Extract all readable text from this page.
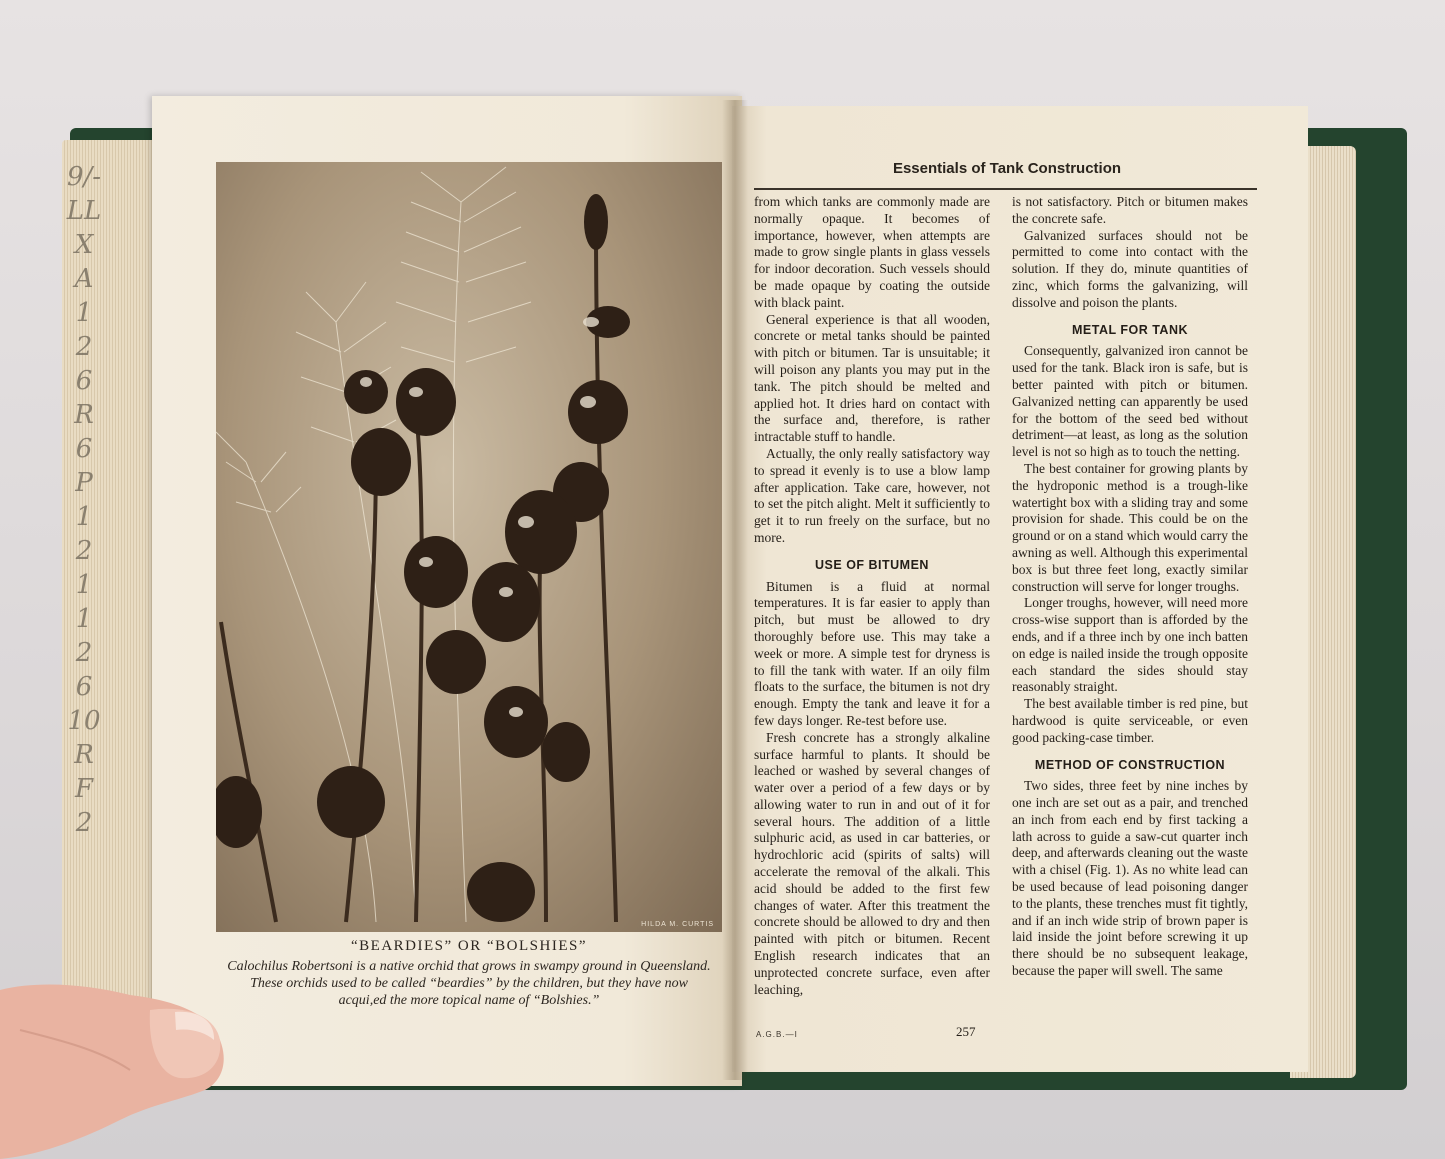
9/-
LL
X
A
1
2
6
R
6
P
1
2
1
1
2
6
10
R
F
2
HILDA M. CURTIS
“BEARDIES” OR “BOLSHIES”
Calochilus Robertsoni is a native orchid that grows in swampy ground in Queensland.
These orchids used to be called “beardies” by the children, but they have now
acqui,ed the more topical name of “Bolshies.”
Essentials of Tank Construction

from which tanks are commonly made are normally opaque. It becomes of importance, however, when attempts are made to grow single plants in glass vessels for indoor decoration. Such vessels should be made opaque by coating the outside with black paint.

General experience is that all wooden, concrete or metal tanks should be painted with pitch or bitumen. Tar is unsuitable; it will poison any plants you may put in the tank. The pitch should be melted and applied hot. It dries hard on contact with the surface and, therefore, is rather intractable stuff to handle.

Actually, the only really satisfactory way to spread it evenly is to use a blow lamp after application. Take care, however, not to set the pitch alight. Melt it sufficiently to get it to run freely on the surface, but no more.

USE OF BITUMEN

Bitumen is a fluid at normal temperatures. It is far easier to apply than pitch, but must be allowed to dry thoroughly before use. This may take a week or more. A simple test for dryness is to fill the tank with water. If an oily film floats to the surface, the bitumen is not dry enough. Empty the tank and leave it for a few days longer. Re-test before use.

Fresh concrete has a strongly alkaline surface harmful to plants. It should be leached or washed by several changes of water over a period of a few days or by allowing water to run in and out of it for several hours. The addition of a little sulphuric acid, as used in car batteries, or hydrochloric acid (spirits of salts) will accelerate the removal of the alkali. This acid should be added to the first few changes of water. After this treatment the concrete should be allowed to dry and then painted with pitch or bitumen. Recent English research indicates that an unprotected concrete surface, even after leaching,

is not satisfactory. Pitch or bitumen makes the concrete safe.

Galvanized surfaces should not be permitted to come into contact with the solution. If they do, minute quantities of zinc, which forms the galvanizing, will dissolve and poison the plants.

METAL FOR TANK

Consequently, galvanized iron cannot be used for the tank. Black iron is safe, but is better painted with pitch or bitumen. Galvanized netting can apparently be used for the bottom of the seed bed without detriment—at least, as long as the solution level is not so high as to touch the netting.

The best container for growing plants by the hydroponic method is a trough-like watertight box with a sliding tray and some provision for shade. This could be on the ground or on a stand which would carry the awning as well. Although this experimental box is but three feet long, exactly similar construction will serve for longer troughs.

Longer troughs, however, will need more cross-wise support than is afforded by the ends, and if a three inch by one inch batten on edge is nailed inside the trough opposite each standard the sides should stay reasonably straight.

The best available timber is red pine, but hardwood is quite serviceable, or even good packing-case timber.

METHOD OF CONSTRUCTION

Two sides, three feet by nine inches by one inch are set out as a pair, and trenched an inch from each end by first tacking a lath across to guide a saw-cut quarter inch deep, and afterwards cleaning out the waste with a chisel (Fig. 1). As no white lead can be used because of lead poisoning danger to the plants, these trenches must fit tightly, and if an inch wide strip of brown paper is laid inside the joint before screwing it up there should be no subsequent leakage, because the paper will swell. The same

A.G.B.—I	257
